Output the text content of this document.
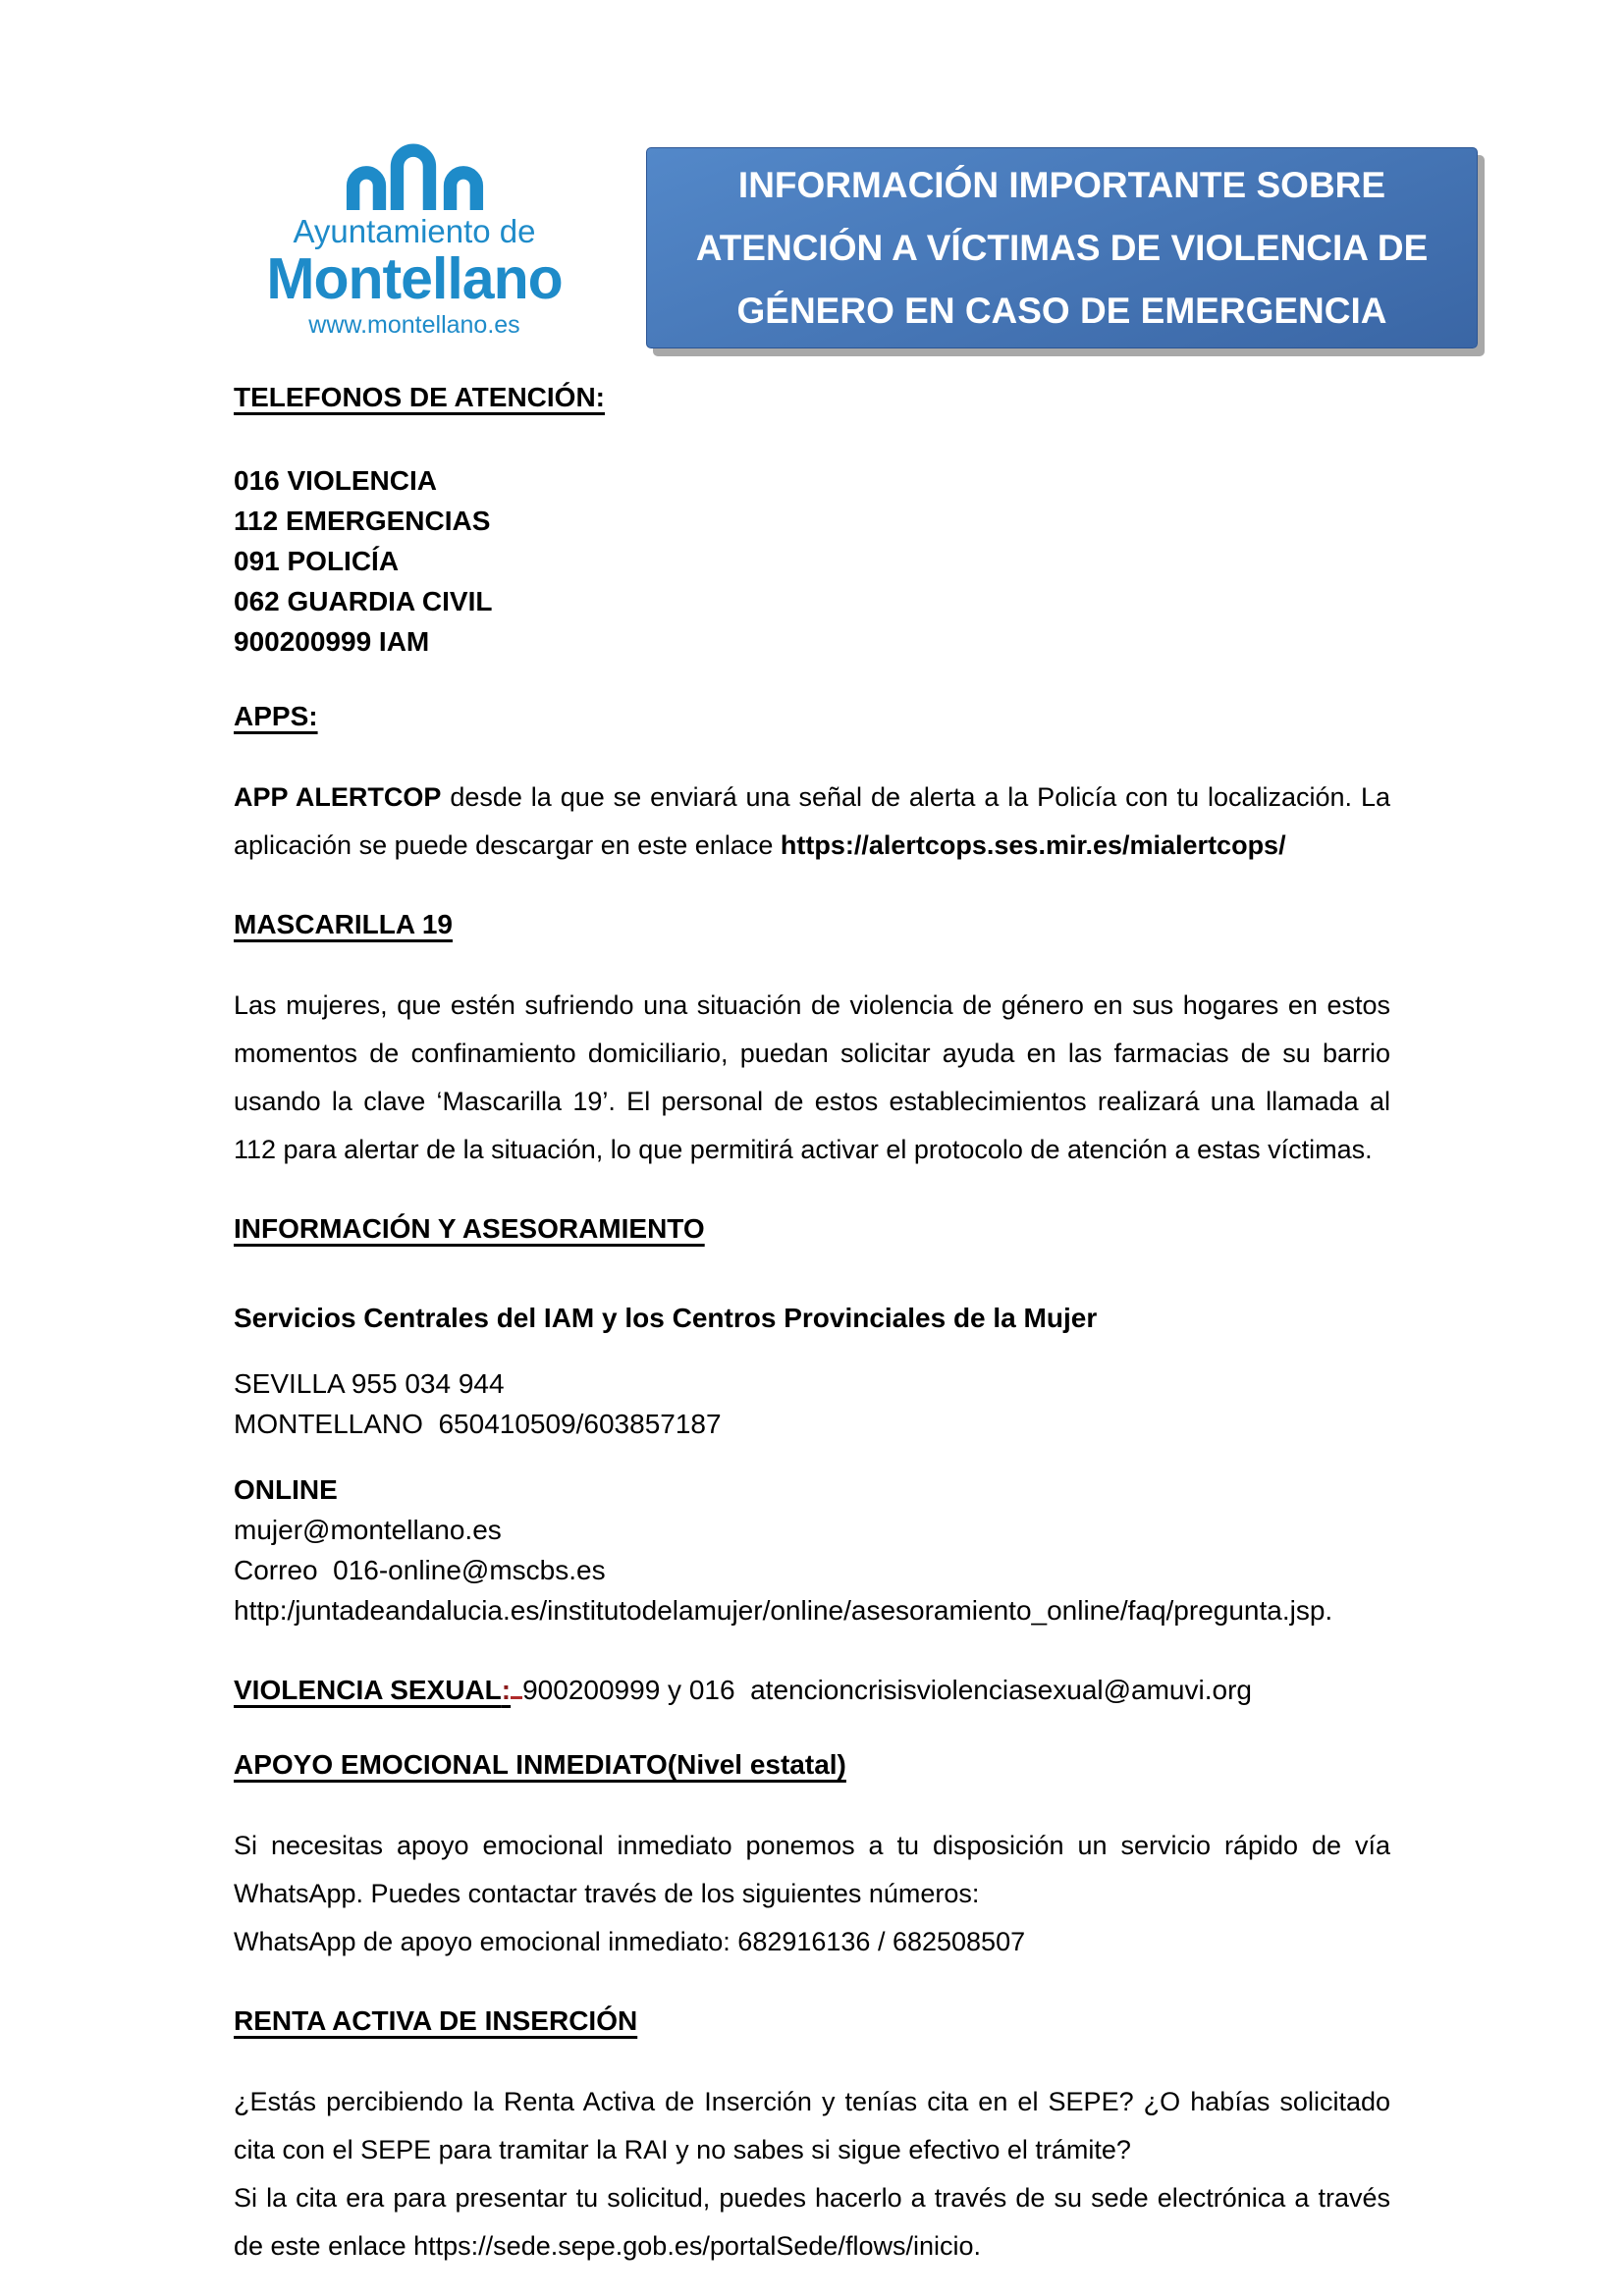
Ayuntamiento de
Montellano
www.montellano.es
INFORMACIÓN IMPORTANTE SOBRE
ATENCIÓN A VÍCTIMAS DE VIOLENCIA DE
GÉNERO EN CASO DE EMERGENCIA
TELEFONOS DE ATENCIÓN:
016 VIOLENCIA
112 EMERGENCIAS
091 POLICÍA
062 GUARDIA CIVIL
900200999 IAM
APPS:

APP ALERTCOP desde la que se enviará una señal de alerta a la Policía con tu localización. La aplicación se puede descargar en este enlace https://alertcops.ses.mir.es/mialertcops/

MASCARILLA 19

Las mujeres, que estén sufriendo una situación de violencia de género en sus hogares en estos momentos de confinamiento domiciliario, puedan solicitar ayuda en las farmacias de su barrio usando la clave ‘Mascarilla 19’. El personal de estos establecimientos realizará una llamada al 112 para alertar de la situación, lo que permitirá activar el protocolo de atención a estas víctimas.

INFORMACIÓN Y ASESORAMIENTO
Servicios Centrales del IAM y los Centros Provinciales de la Mujer
SEVILLA 955 034 944
MONTELLANO  650410509/603857187
ONLINE
mujer@montellano.es
Correo  016-online@mscbs.es
http:/juntadeandalucia.es/institutodelamujer/online/asesoramiento_online/faq/pregunta.jsp.
VIOLENCIA SEXUAL: 900200999 y 016  atencioncrisisviolenciasexual@amuvi.org
APOYO EMOCIONAL INMEDIATO(Nivel estatal)

Si necesitas apoyo emocional inmediato ponemos a tu disposición un servicio rápido de vía WhatsApp. Puedes contactar través de los siguientes números:

WhatsApp de apoyo emocional inmediato: 682916136 / 682508507

RENTA ACTIVA DE INSERCIÓN

¿Estás percibiendo la Renta Activa de Inserción y tenías cita en el SEPE? ¿O habías solicitado cita con el SEPE para tramitar la RAI y no sabes si sigue efectivo el trámite?

Si la cita era para presentar tu solicitud, puedes hacerlo a través de su sede electrónica a través de este enlace https://sede.sepe.gob.es/portalSede/flows/inicio.
